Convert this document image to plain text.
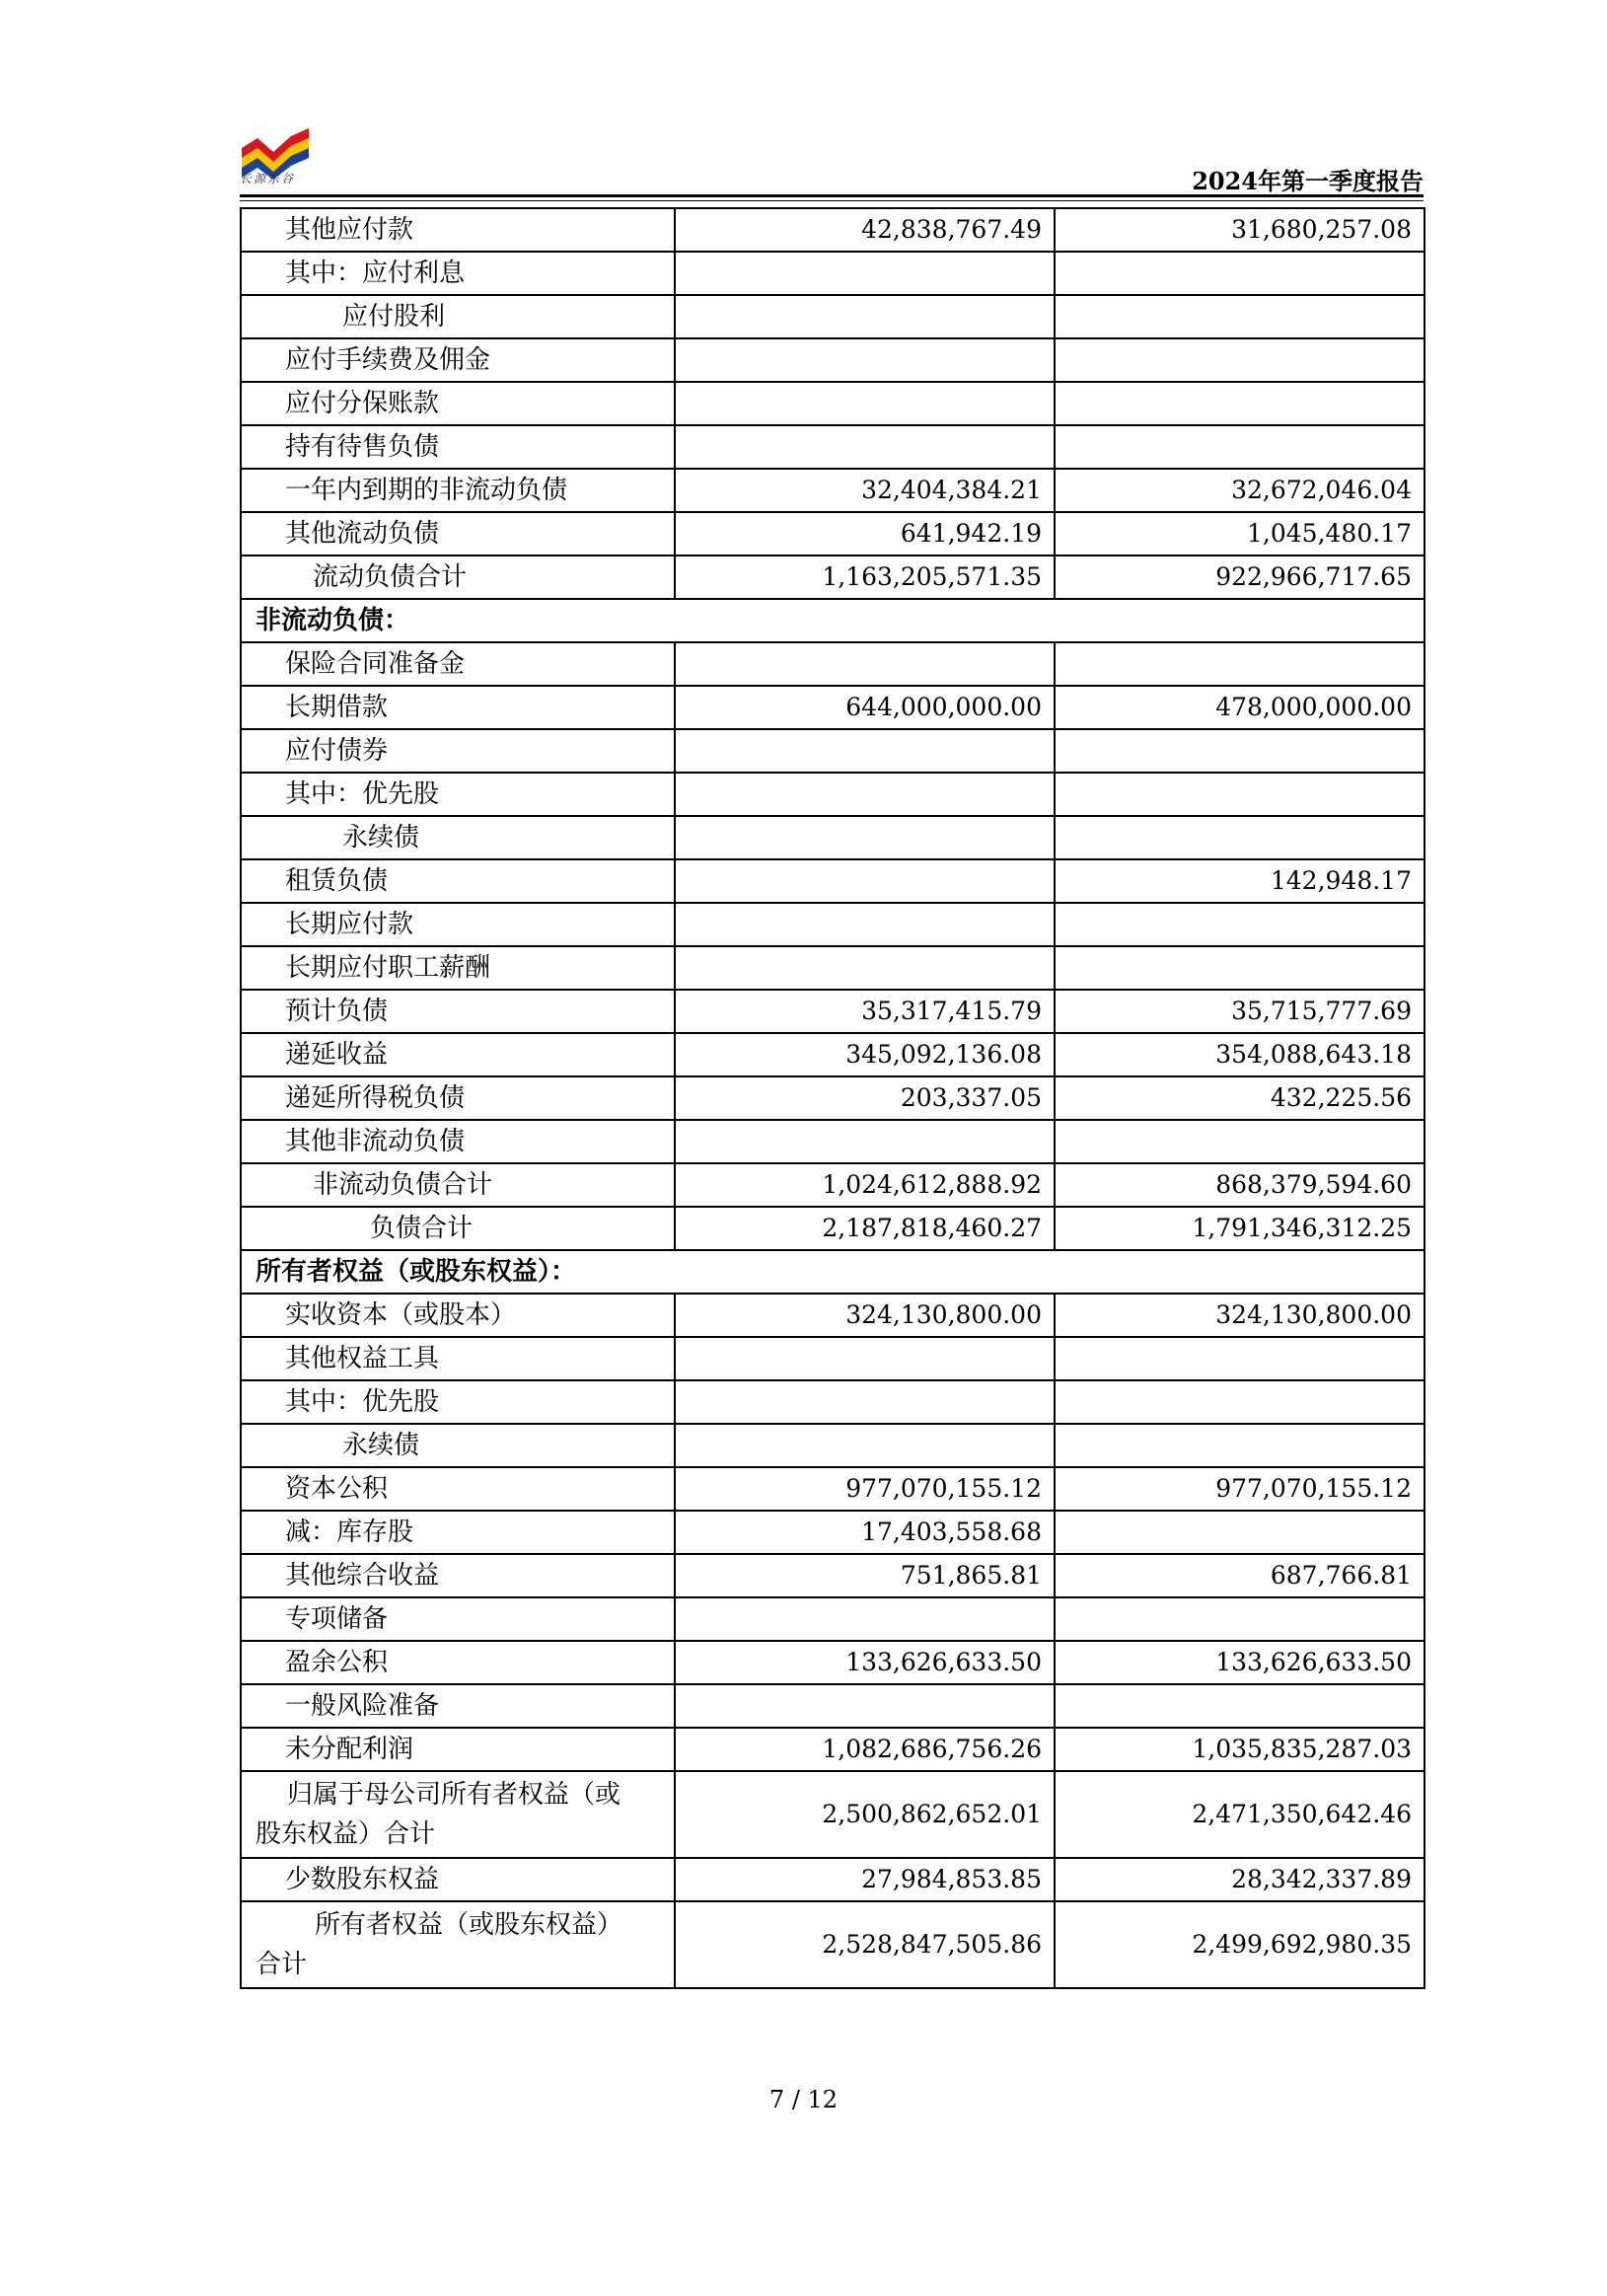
长源东谷	2024年第一季度报告
其他应付款	42,838,767.49	31,680,257.08
其中：应付利息		
应付股利		
应付手续费及佣金		
应付分保账款		
持有待售负债		
一年内到期的非流动负债	32,404,384.21	32,672,046.04
其他流动负债	641,942.19	1,045,480.17
流动负债合计	1,163,205,571.35	922,966,717.65
非流动负债：		
保险合同准备金		
长期借款	644,000,000.00	478,000,000.00
应付债券		
其中：优先股		
永续债		
租赁负债		142,948.17
长期应付款		
长期应付职工薪酬		
预计负债	35,317,415.79	35,715,777.69
递延收益	345,092,136.08	354,088,643.18
递延所得税负债	203,337.05	432,225.56
其他非流动负债		
非流动负债合计	1,024,612,888.92	868,379,594.60
负债合计	2,187,818,460.27	1,791,346,312.25
所有者权益（或股东权益）：		
实收资本（或股本）	324,130,800.00	324,130,800.00
其他权益工具		
其中：优先股		
永续债		
资本公积	977,070,155.12	977,070,155.12
减：库存股	17,403,558.68	
其他综合收益	751,865.81	687,766.81
专项储备		
盈余公积	133,626,633.50	133,626,633.50
一般风险准备		
未分配利润	1,082,686,756.26	1,035,835,287.03

归属于母公司所有者权益（或
股东权益）合计	2,500,862,652.01	2,471,350,642.46
少数股东权益	27,984,853.85	28,342,337.89

所有者权益（或股东权益）
合计	2,528,847,505.86	2,499,692,980.35
7 / 12
